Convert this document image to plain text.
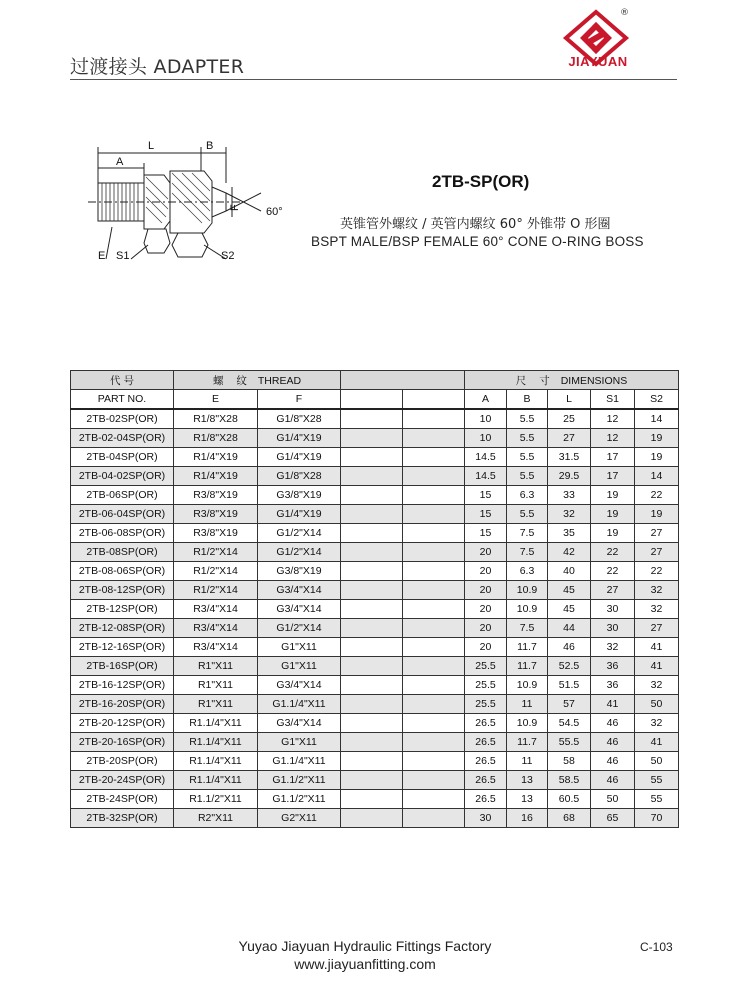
过渡接头 ADAPTER
®
JIAYUAN
L
A
B
F 60°
E S1	S2
2TB-SP(OR)
英锥管外螺纹 / 英管内螺纹 60° 外锥带 O 形圈
BSPT MALE/BSP FEMALE 60° CONE O-RING BOSS
代 号	螺 纹 THREAD				尺 寸 DIMENSIONS				
PART NO.	E	F			A	B	L	S1	S2
2TB-02SP(OR)	R1/8"X28	G1/8"X28			10	5.5	25	12	14
2TB-02-04SP(OR)	R1/8"X28	G1/4"X19			10	5.5	27	12	19
2TB-04SP(OR)	R1/4"X19	G1/4"X19			14.5	5.5	31.5	17	19
2TB-04-02SP(OR)	R1/4"X19	G1/8"X28			14.5	5.5	29.5	17	14
2TB-06SP(OR)	R3/8"X19	G3/8"X19			15	6.3	33	19	22
2TB-06-04SP(OR)	R3/8"X19	G1/4"X19			15	5.5	32	19	19
2TB-06-08SP(OR)	R3/8"X19	G1/2"X14			15	7.5	35	19	27
2TB-08SP(OR)	R1/2"X14	G1/2"X14			20	7.5	42	22	27
2TB-08-06SP(OR)	R1/2"X14	G3/8"X19			20	6.3	40	22	22
2TB-08-12SP(OR)	R1/2"X14	G3/4"X14			20	10.9	45	27	32
2TB-12SP(OR)	R3/4"X14	G3/4"X14			20	10.9	45	30	32
2TB-12-08SP(OR)	R3/4"X14	G1/2"X14			20	7.5	44	30	27
2TB-12-16SP(OR)	R3/4"X14	G1"X11			20	11.7	46	32	41
2TB-16SP(OR)	R1"X11	G1"X11			25.5	11.7	52.5	36	41
2TB-16-12SP(OR)	R1"X11	G3/4"X14			25.5	10.9	51.5	36	32
2TB-16-20SP(OR)	R1"X11	G1.1/4"X11			25.5	11	57	41	50
2TB-20-12SP(OR)	R1.1/4"X11	G3/4"X14			26.5	10.9	54.5	46	32
2TB-20-16SP(OR)	R1.1/4"X11	G1"X11			26.5	11.7	55.5	46	41
2TB-20SP(OR)	R1.1/4"X11	G1.1/4"X11			26.5	11	58	46	50
2TB-20-24SP(OR)	R1.1/4"X11	G1.1/2"X11			26.5	13	58.5	46	55
2TB-24SP(OR)	R1.1/2"X11	G1.1/2"X11			26.5	13	60.5	50	55
2TB-32SP(OR)	R2"X11	G2"X11			30	16	68	65	70
Yuyao Jiayuan Hydraulic Fittings Factory
www.jiayuanfitting.com
C-103
